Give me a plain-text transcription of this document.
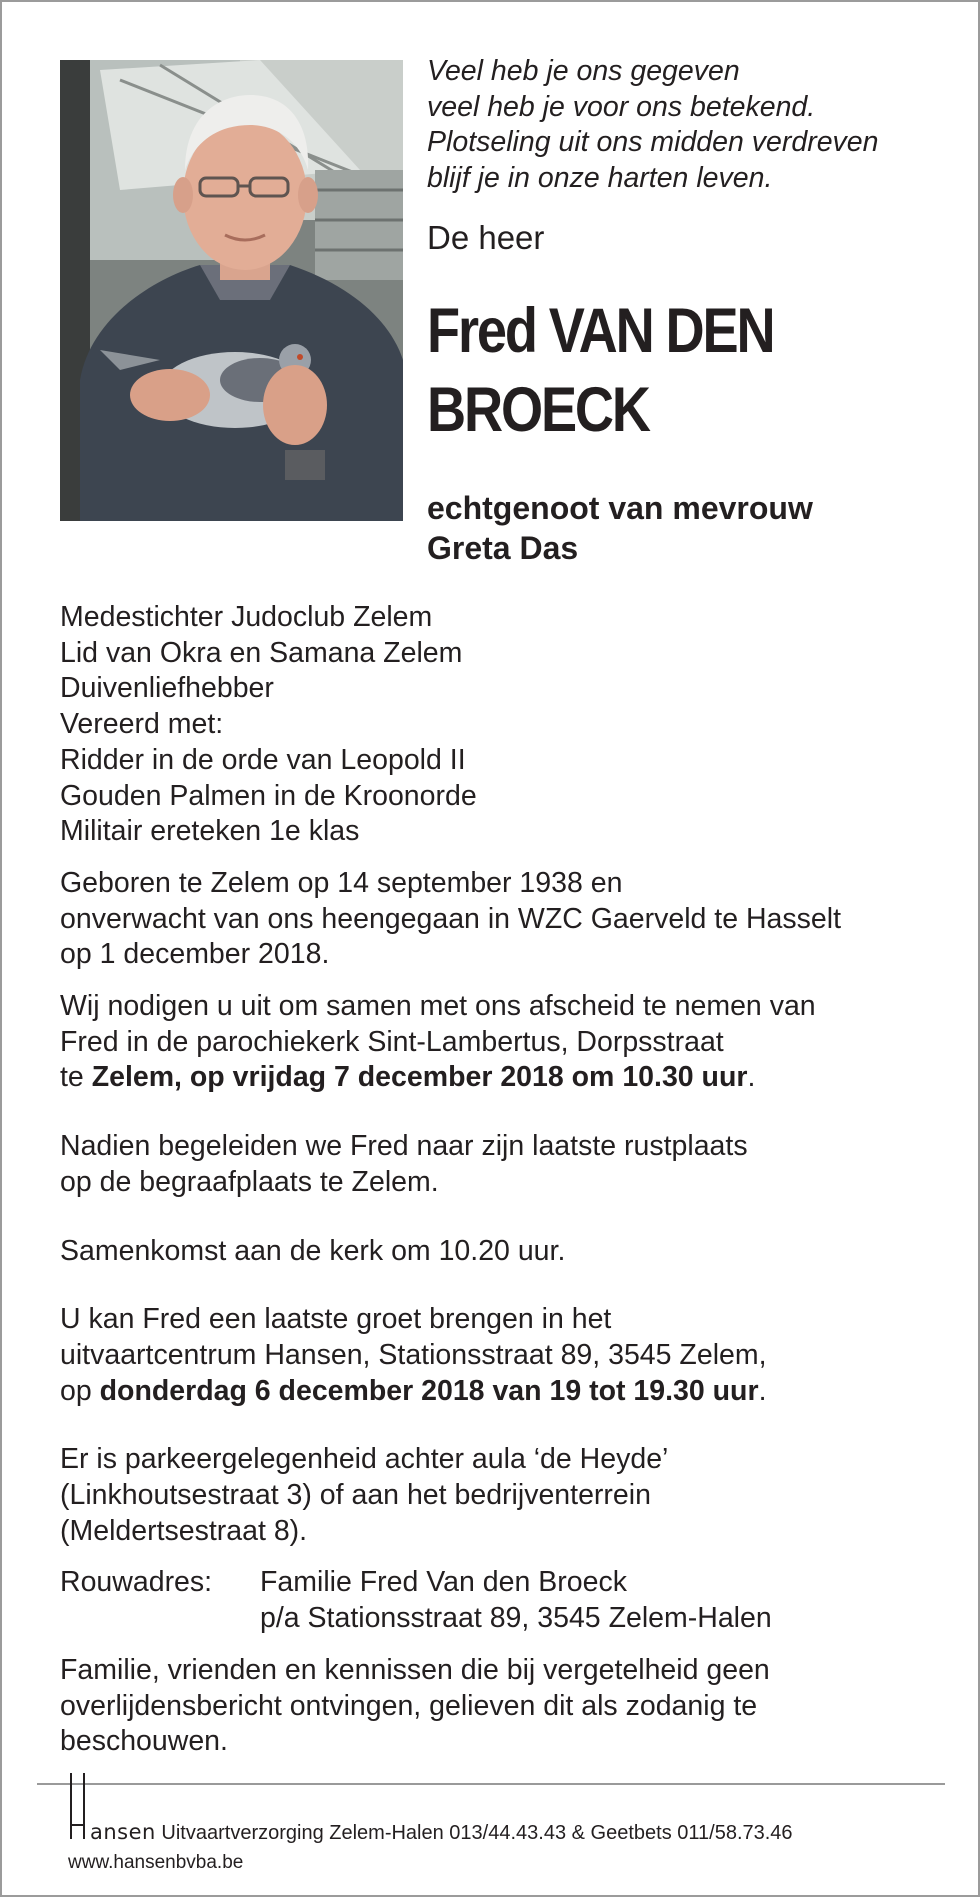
Veel heb je ons gegeven
veel heb je voor ons betekend.
Plotseling uit ons midden verdreven
blijf je in onze harten leven.
De heer
Fred VAN DEN
BROECK
echtgenoot van mevrouw
Greta Das
Medestichter Judoclub Zelem
Lid van Okra en Samana Zelem
Duivenliefhebber
Vereerd met:
Ridder in de orde van Leopold II
Gouden Palmen in de Kroonorde
Militair ereteken 1e klas
Geboren te Zelem op 14 september 1938 en
onverwacht van ons heengegaan in WZC Gaerveld te Hasselt
op 1 december 2018.
Wij nodigen u uit om samen met ons afscheid te nemen van
Fred in de parochiekerk Sint-Lambertus, Dorpsstraat
te Zelem, op vrijdag 7 december 2018 om 10.30 uur.
Nadien begeleiden we Fred naar zijn laatste rustplaats
op de begraafplaats te Zelem.
Samenkomst aan de kerk om 10.20 uur.
U kan Fred een laatste groet brengen in het
uitvaartcentrum Hansen, Stationsstraat 89, 3545 Zelem,
op donderdag 6 december 2018 van 19 tot 19.30 uur.
Er is parkeergelegenheid achter aula ‘de Heyde’
(Linkhoutsestraat 3) of aan het bedrijventerrein
(Meldertsestraat 8).
Rouwadres:	Familie Fred Van den Broeck
p/a Stationsstraat 89, 3545 Zelem-Halen
Familie, vrienden en kennissen die bij vergetelheid geen
overlijdensbericht ontvingen, gelieven dit als zodanig te
beschouwen.
ansen Uitvaartverzorging Zelem-Halen 013/44.43.43 & Geetbets 011/58.73.46
www.hansenbvba.be
